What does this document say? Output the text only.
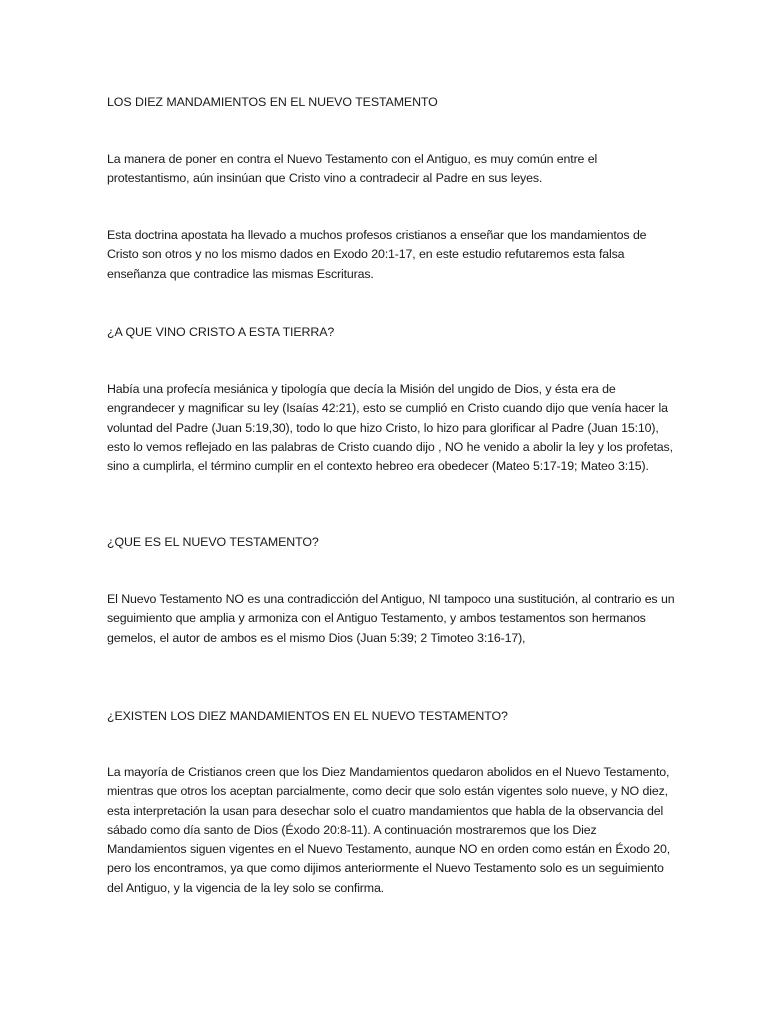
LOS DIEZ MANDAMIENTOS EN EL NUEVO TESTAMENTO

La manera de poner en contra el Nuevo Testamento con el Antiguo, es muy común entre el protestantismo, aún insinúan que Cristo vino a contradecir al Padre en sus leyes.

Esta doctrina apostata ha llevado a muchos profesos cristianos a enseñar que los mandamientos de Cristo son otros y no los mismo dados en Exodo 20:1-17, en este estudio refutaremos esta falsa enseñanza que contradice las mismas Escrituras.

¿A QUE VINO CRISTO A ESTA TIERRA?

Había una profecía mesiánica y tipología que decía la Misión del ungido de Dios, y ésta era de engrandecer y magnificar su ley (Isaías 42:21), esto se cumplió en Cristo cuando dijo que venía hacer la voluntad del Padre (Juan 5:19,30), todo lo que hizo Cristo, lo hizo para glorificar al Padre (Juan 15:10), esto lo vemos reflejado en las palabras de Cristo cuando dijo , NO he venido a abolir la ley y los profetas, sino a cumplirla, el término cumplir en el contexto hebreo era obedecer (Mateo 5:17-19; Mateo 3:15).

¿QUE ES EL NUEVO TESTAMENTO?

El Nuevo Testamento NO es una contradicción del Antiguo, NI tampoco una sustitución, al contrario es un seguimiento que amplia y armoniza con el Antiguo Testamento, y ambos testamentos son hermanos gemelos, el autor de ambos es el mismo Dios (Juan 5:39; 2 Timoteo 3:16-17),

¿EXISTEN LOS DIEZ MANDAMIENTOS EN EL NUEVO TESTAMENTO?

La mayoría de Cristianos creen que los Diez Mandamientos quedaron abolidos en el Nuevo Testamento, mientras que otros los aceptan parcialmente, como decir que solo están vigentes solo nueve, y NO diez, esta interpretación la usan para desechar solo el cuatro mandamientos que habla de la observancia del sábado como día santo de Dios (Éxodo 20:8-11). A continuación mostraremos que los Diez Mandamientos siguen vigentes en el Nuevo Testamento, aunque NO en orden como están en Éxodo 20, pero los encontramos, ya que como dijimos anteriormente el Nuevo Testamento solo es un seguimiento del Antiguo, y la vigencia de la ley solo se confirma.
